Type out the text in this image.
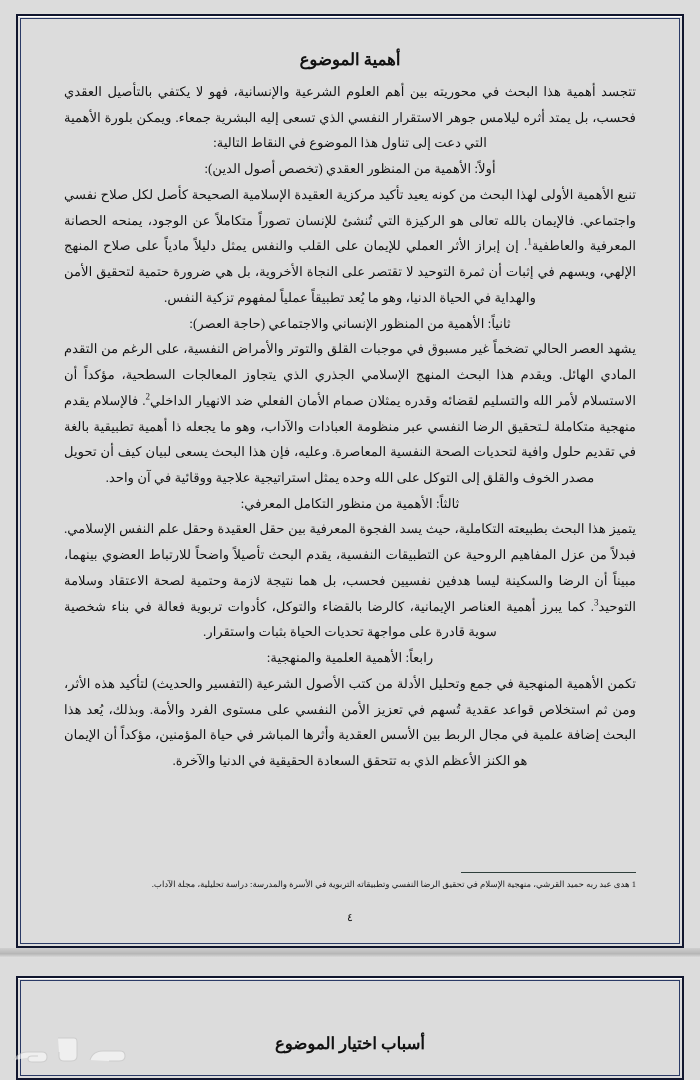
أهمية الموضوع

تتجسد أهمية هذا البحث في محوريته بين أهم العلوم الشرعية والإنسانية، فهو لا يكتفي بالتأصيل العقدي فحسب، بل يمتد أثره ليلامس جوهر الاستقرار النفسي الذي تسعى إليه البشرية جمعاء. ويمكن بلورة الأهمية التي دعت إلى تناول هذا الموضوع في النقاط التالية:

أولاً: الأهمية من المنظور العقدي (تخصص أصول الدين):

تنبع الأهمية الأولى لهذا البحث من كونه يعيد تأكيد مركزية العقيدة الإسلامية الصحيحة كأصل لكل صلاح نفسي واجتماعي. فالإيمان بالله تعالى هو الركيزة التي تُنشئ للإنسان تصوراً متكاملاً عن الوجود، يمنحه الحصانة المعرفية والعاطفية$^1$. إن إبراز الأثر العملي للإيمان على القلب والنفس يمثل دليلاً مادياً على صلاح المنهج الإلهي، ويسهم في إثبات أن ثمرة التوحيد لا تقتصر على النجاة الأخروية، بل هي ضرورة حتمية لتحقيق الأمن والهداية في الحياة الدنيا، وهو ما يُعد تطبيقاً عملياً لمفهوم تزكية النفس.

ثانياً: الأهمية من المنظور الإنساني والاجتماعي (حاجة العصر):

يشهد العصر الحالي تضخماً غير مسبوق في موجبات القلق والتوتر والأمراض النفسية، على الرغم من التقدم المادي الهائل. ويقدم هذا البحث المنهج الإسلامي الجذري الذي يتجاوز المعالجات السطحية، مؤكداً أن الاستسلام لأمر الله والتسليم لقضائه وقدره يمثلان صمام الأمان الفعلي ضد الانهيار الداخلي$^2$. فالإسلام يقدم منهجية متكاملة لـتحقيق الرضا النفسي عبر منظومة العبادات والآداب، وهو ما يجعله ذا أهمية تطبيقية بالغة في تقديم حلول وافية لتحديات الصحة النفسية المعاصرة. وعليه، فإن هذا البحث يسعى لبيان كيف أن تحويل مصدر الخوف والقلق إلى التوكل على الله وحده يمثل استراتيجية علاجية ووقائية في آن واحد.

ثالثاً: الأهمية من منظور التكامل المعرفي:

يتميز هذا البحث بطبيعته التكاملية، حيث يسد الفجوة المعرفية بين حقل العقيدة وحقل علم النفس الإسلامي. فبدلاً من عزل المفاهيم الروحية عن التطبيقات النفسية، يقدم البحث تأصيلاً واضحاً للارتباط العضوي بينهما، مبيناً أن الرضا والسكينة ليسا هدفين نفسيين فحسب، بل هما نتيجة لازمة وحتمية لصحة الاعتقاد وسلامة التوحيد$^3$. كما يبرز أهمية العناصر الإيمانية، كالرضا بالقضاء والتوكل، كأدوات تربوية فعالة في بناء شخصية سوية قادرة على مواجهة تحديات الحياة بثبات واستقرار.

رابعاً: الأهمية العلمية والمنهجية:

تكمن الأهمية المنهجية في جمع وتحليل الأدلة من كتب الأصول الشرعية (التفسير والحديث) لتأكيد هذه الأثر، ومن ثم استخلاص قواعد عقدية تُسهم في تعزيز الأمن النفسي على مستوى الفرد والأمة. وبذلك، يُعد هذا البحث إضافة علمية في مجال الربط بين الأسس العقدية وأثرها المباشر في حياة المؤمنين، مؤكداً أن الإيمان هو الكنز الأعظم الذي به تتحقق السعادة الحقيقية في الدنيا والآخرة.

1 هدى عبد ربه حميد القرشي، منهجية الإسلام في تحقيق الرضا النفسي وتطبيقاته التربوية في الأسرة والمدرسة: دراسة تحليلية، مجلة الآداب.

٤
أسباب اختيار الموضوع
